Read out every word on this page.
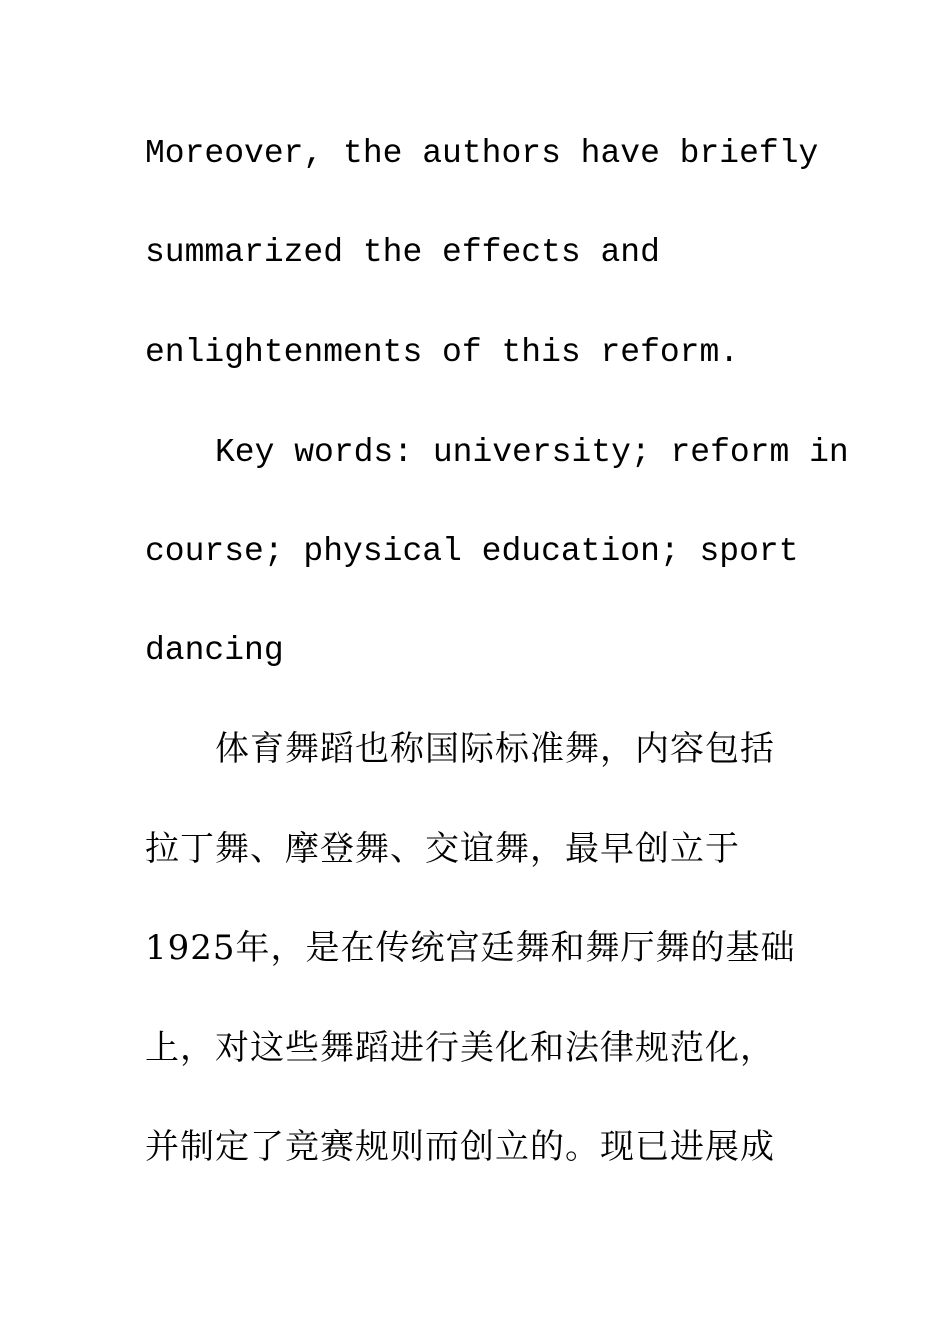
Moreover, the authors have briefly
summarized the effects and
enlightenments of this reform.
Key words: university; reform in
course; physical education; sport
dancing
体育舞蹈也称国际标准舞，内容包括
拉丁舞、摩登舞、交谊舞，最早创立于
1925年，是在传统宫廷舞和舞厅舞的基础
上，对这些舞蹈进行美化和法律规范化，
并制定了竞赛规则而创立的。现已进展成
